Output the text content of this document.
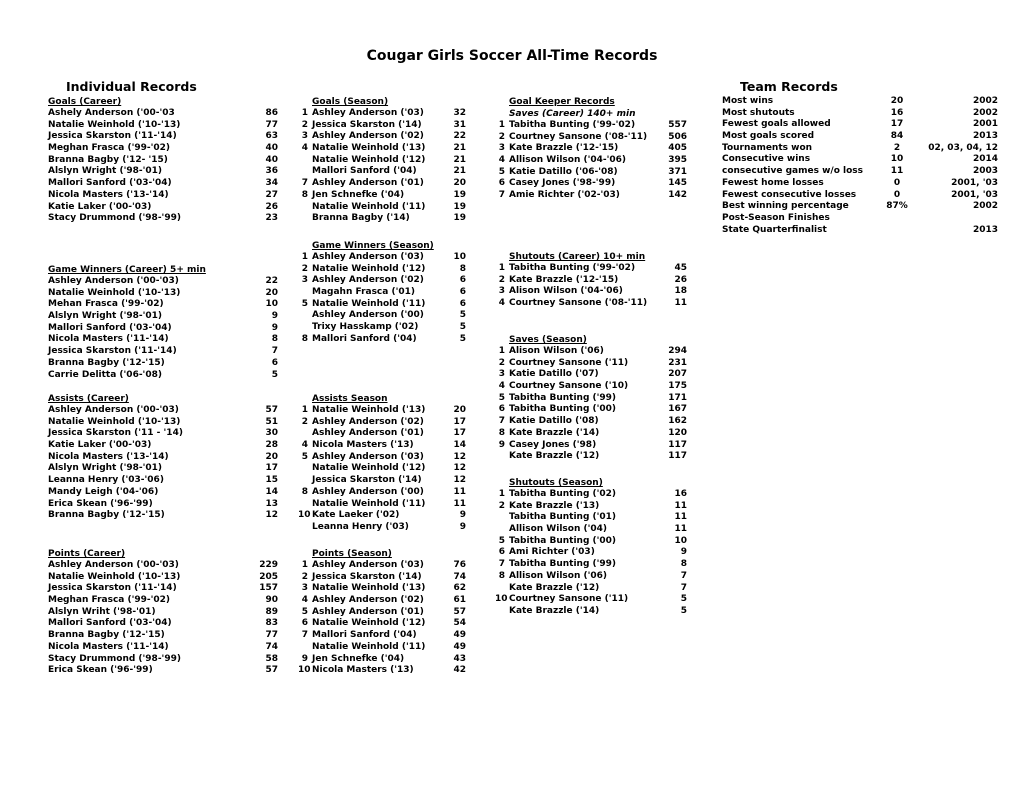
Cougar Girls Soccer All-Time Records
Individual Records	Team Records
Goals (Career)
Ashely Anderson ('00-'03	86
Natalie Weinhold ('10-'13)	77
Jessica Skarston ('11-'14)	63
Meghan Frasca ('99-'02)	40
Branna Bagby ('12- '15)	40
Alslyn Wright ('98-'01)	36
Mallori Sanford ('03-'04)	34
Nicola Masters ('13-'14)	27
Katie Laker ('00-'03)	26
Stacy Drummond ('98-'99)	23
Game Winners (Career) 5+ min
Ashley Anderson ('00-'03)	22
Natalie Weinhold ('10-'13)	20
Mehan Frasca ('99-'02)	10
Alslyn Wright ('98-'01)	9
Mallori Sanford ('03-'04)	9
Nicola Masters ('11-'14)	8
Jessica Skarston ('11-'14)	7
Branna Bagby ('12-'15)	6
Carrie Delitta ('06-'08)	5
Assists (Career)
Ashley Anderson ('00-'03)	57
Natalie Weinhold ('10-'13)	51
Jessica Skarston ('11 - '14)	30
Katie Laker ('00-'03)	28
Nicola Masters ('13-'14)	20
Alslyn Wright ('98-'01)	17
Leanna Henry ('03-'06)	15
Mandy Leigh ('04-'06)	14
Erica Skean ('96-'99)	13
Branna Bagby ('12-'15)	12
Points (Career)
Ashley Anderson ('00-'03)	229
Natalie Weinhold ('10-'13)	205
Jessica Skarston ('11-'14)	157
Meghan Frasca ('99-'02)	90
Alslyn Wriht ('98-'01)	89
Mallori Sanford ('03-'04)	83
Branna Bagby ('12-'15)	77
Nicola Masters ('11-'14)	74
Stacy Drummond ('98-'99)	58
Erica Skean ('96-'99)	57
Goals (Season)
1 Ashley Anderson ('03)	32
2 Jessica Skarston ('14)	31
3 Ashley Anderson ('02)	22
4 Natalie Weinhold ('13)	21
Natalie Weinhold ('12)	21
Mallori Sanford ('04)	21
7 Ashley Anderson ('01)	20
8 Jen Schnefke ('04)	19
Natalie Weinhold ('11)	19
Branna Bagby ('14)	19
Game Winners (Season)
1 Ashley Anderson ('03)	10
2 Natalie Weinhold ('12)	8
3 Ashley Anderson ('02)	6
Magahn Frasca ('01)	6
5 Natalie Weinhold ('11)	6
Ashley Anderson ('00)	5
Trixy Hasskamp ('02)	5
8 Mallori Sanford ('04)	5
Assists Season
1 Natalie Weinhold ('13)	20
2 Ashley Anderson ('02)	17
Ashley Anderson ('01)	17
4 Nicola Masters ('13)	14
5 Ashley Anderson ('03)	12
Natalie Weinhold ('12)	12
Jessica Skarston ('14)	12
8 Ashley Anderson ('00)	11
Natalie Weinhold ('11)	11
10 Kate Laeker ('02)	9
Leanna Henry ('03)	9
Points (Season)
1 Ashley Anderson ('03)	76
2 Jessica Skarston ('14)	74
3 Natalie Weinhold ('13)	62
4 Ashley Anderson ('02)	61
5 Ashley Anderson ('01)	57
6 Natalie Weinhold ('12)	54
7 Mallori Sanford ('04)	49
Natalie Weinhold ('11)	49
9 Jen Schnefke ('04)	43
10 Nicola Masters ('13)	42
Goal Keeper Records
Saves (Career) 140+ min
1 Tabitha Bunting ('99-'02)	557
2 Courtney Sansone ('08-'11)	506
3 Kate Brazzle ('12-'15)	405
4 Allison Wilson ('04-'06)	395
5 Katie Datillo ('06-'08)	371
6 Casey Jones ('98-'99)	145
7 Amie Richter ('02-'03)	142
Shutouts (Career) 10+ min
1 Tabitha Bunting ('99-'02)	45
2 Kate Brazzle ('12-'15)	26
3 Alison Wilson ('04-'06)	18
4 Courtney Sansone ('08-'11)	11
Saves (Season)
1 Alison Wilson ('06)	294
2 Courtney Sansone ('11)	231
3 Katie Datillo ('07)	207
4 Courtney Sansone ('10)	175
5 Tabitha Bunting ('99)	171
6 Tabitha Bunting ('00)	167
7 Katie Datillo ('08)	162
8 Kate Brazzle ('14)	120
9 Casey Jones ('98)	117
Kate Brazzle ('12)	117
Shutouts (Season)
1 Tabitha Bunting ('02)	16
2 Kate Brazzle ('13)	11
Tabitha Bunting ('01)	11
Allison Wilson ('04)	11
5 Tabitha Bunting ('00)	10
6 Ami Richter ('03)	9
7 Tabitha Bunting ('99)	8
8 Allison Wilson ('06)	7
Kate Brazzle ('12)	7
10 Courtney Sansone ('11)	5
Kate Brazzle ('14)	5
Most wins	20	2002
Most shutouts	16	2002
Fewest goals allowed	17	2001
Most goals scored	84	2013
Tournaments won	2	02, 03, 04, 12
Consecutive wins	10	2014
consecutive games w/o loss	11	2003
Fewest home losses	0	2001, '03
Fewest consecutive losses	0	2001, '03
Best winning percentage	87%	2002
Post-Season Finishes
State Quarterfinalist	2013
